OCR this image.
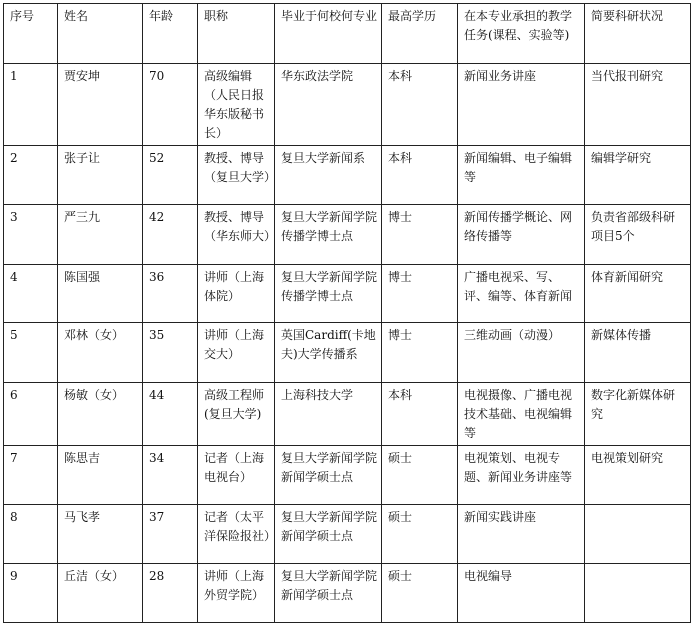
序号	姓名	年龄	职称	毕业于何校何专业	最高学历	在本专业承担的教学任务(课程、实验等)	简要科研状况
1	贾安坤	70	高级编辑（人民日报华东版秘书长）	华东政法学院	本科	新闻业务讲座	当代报刊研究
2	张子让	52	教授、博导（复旦大学）	复旦大学新闻系	本科	新闻编辑、电子编辑等	编辑学研究
3	严三九	42	教授、博导（华东师大）	复旦大学新闻学院传播学博士点	博士	新闻传播学概论、网络传播等	负责省部级科研项目5个
4	陈国强	36	讲师（上海体院）	复旦大学新闻学院传播学博士点	博士	广播电视采、写、评、编等、体育新闻	体育新闻研究
5	邓林（女）	35	讲师（上海交大）	英国Cardiff(卡地夫)大学传播系	博士	三维动画（动漫）	新媒体传播
6	杨敏（女）	44	高级工程师(复旦大学)	上海科技大学	本科	电视摄像、广播电视技术基础、电视编辑等	数字化新媒体研究
7	陈思吉	34	记者（上海电视台）	复旦大学新闻学院新闻学硕士点	硕士	电视策划、电视专题、新闻业务讲座等	电视策划研究
8	马飞孝	37	记者（太平洋保险报社）	复旦大学新闻学院新闻学硕士点	硕士	新闻实践讲座	
9	丘洁（女）	28	讲师（上海外贸学院）	复旦大学新闻学院新闻学硕士点	硕士	电视编导	
